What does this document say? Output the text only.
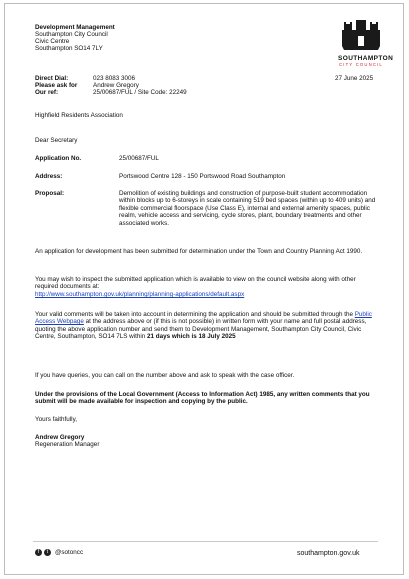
Development Management
Southampton City Council
Civic Centre
Southampton SO14 7LY
SOUTHAMPTON
CITY COUNCIL
Direct Dial:	023 8083 3006
Please ask for Andrew Gregory
Our ref:	25/00687/FUL / Site Code: 22249
27 June 2025
Highfield Residents Association
Dear Secretary
Application No.	25/00687/FUL
Address:	Portswood Centre 128 - 150 Portswood Road Southampton
Proposal:	Demolition of existing buildings and construction of purpose-built student accommodation within blocks up to 6-storeys in scale containing 519 bed spaces (within up to 409 units) and flexible commercial floorspace (Use Class E), internal and external amenity spaces, public realm, vehicle access and servicing, cycle stores, plant, boundary treatments and other associated works.
An application for development has been submitted for determination under the Town and Country Planning Act 1990.
You may wish to inspect the submitted application which is available to view on the council website along with other required documents at:
http://www.southampton.gov.uk/planning/planning-applications/default.aspx
Your valid comments will be taken into account in determining the application and should be submitted through the Public Access Webpage at the address above or (if this is not possible) in written form with your name and full postal address, quoting the above application number and send them to Development Management, Southampton City Council, Civic Centre, Southampton, SO14 7LS within 21 days which is 18 July 2025
If you have queries, you can call on the number above and ask to speak with the case officer.
Under the provisions of the Local Government (Access to Information Act) 1985, any written comments that you submit will be made available for inspection and copying by the public.
Yours faithfully,
Andrew Gregory
Regeneration Manager
f	t	@sotoncc	southampton.gov.uk
